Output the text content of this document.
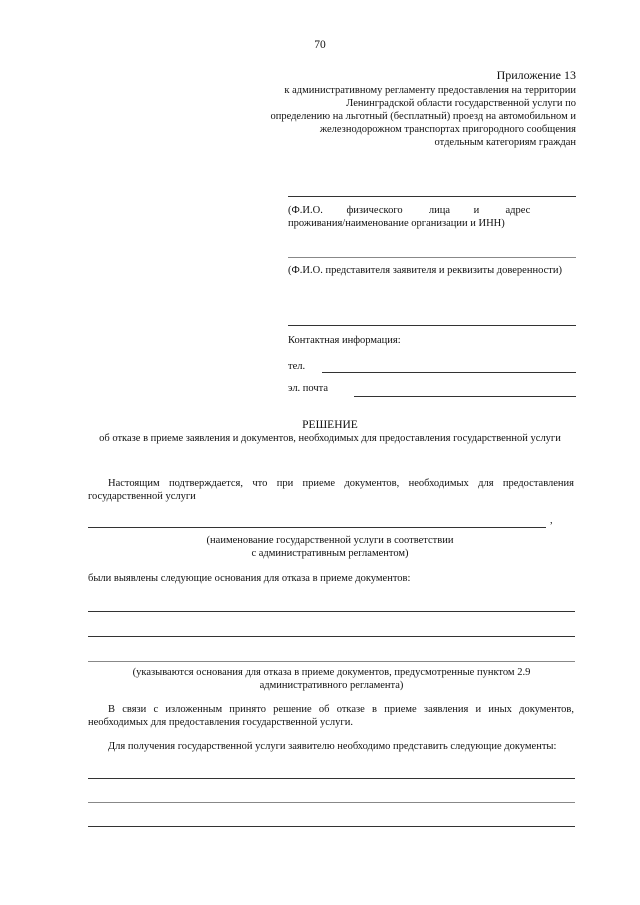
70
Приложение 13
к административному регламенту предоставления на территории
Ленинградской области государственной услуги по
определению на льготный (бесплатный) проезд на автомобильном и
железнодорожном транспортах пригородного сообщения
отдельным категориям граждан
(Ф.И.О.         физического          лица         и          адрес
проживания/наименование организации и ИНН)
(Ф.И.О. представителя заявителя и реквизиты доверенности)
Контактная информация:
тел.
эл. почта
РЕШЕНИЕ
об отказе в приеме заявления и документов, необходимых для предоставления государственной услуги
Настоящим подтверждается, что при приеме документов, необходимых для предоставления
государственной услуги
,
(наименование государственной услуги в соответствии
с административным регламентом)
были выявлены следующие основания для отказа в приеме документов:
(указываются основания для отказа в приеме документов, предусмотренные пунктом 2.9
административного регламента)
В связи с изложенным принято решение об отказе в приеме заявления и иных документов,
необходимых для предоставления государственной услуги.
Для получения государственной услуги заявителю необходимо представить следующие документы:
